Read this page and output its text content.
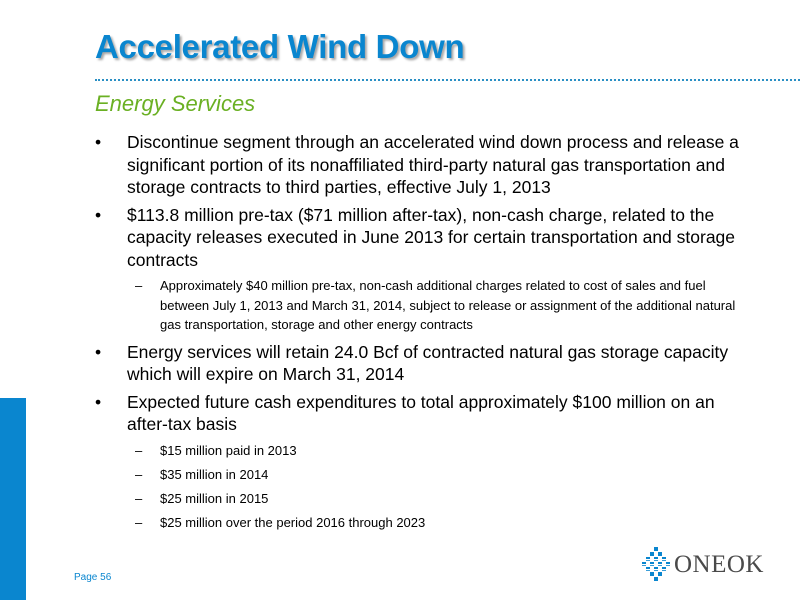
Accelerated Wind Down
Energy Services
• Discontinue segment through an accelerated wind down process and release a significant portion of its nonaffiliated third-party natural gas transportation and storage contracts to third parties, effective July 1, 2013
• $113.8 million pre-tax ($71 million after-tax), non-cash charge, related to the capacity releases executed in June 2013 for certain transportation and storage contracts
– Approximately $40 million pre-tax, non-cash additional charges related to cost of sales and fuel between July 1, 2013 and March 31, 2014, subject to release or assignment of the additional natural gas transportation, storage and other energy contracts
• Energy services will retain 24.0 Bcf of contracted natural gas storage capacity which will expire on March 31, 2014
• Expected future cash expenditures to total approximately $100 million on an after-tax basis
– $15 million paid in 2013
– $35 million in 2014
– $25 million in 2015
– $25 million over the period 2016 through 2023
Page 56	ONEOK
